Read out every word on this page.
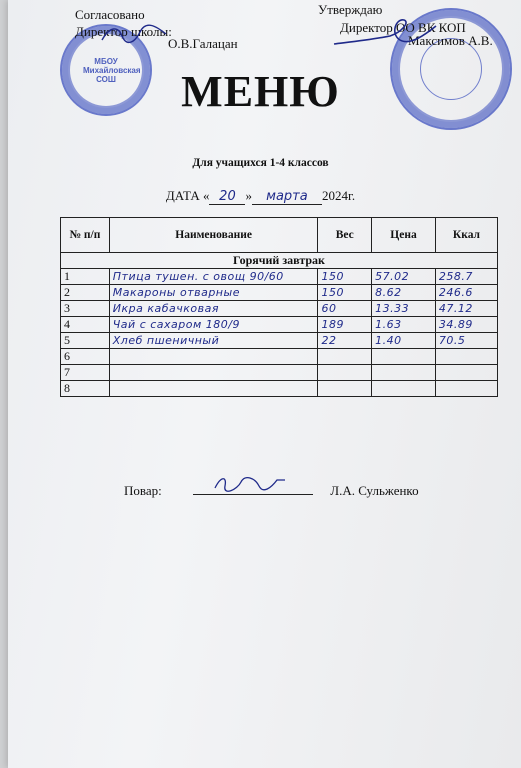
МБОУ Михайловская СОШ
Согласовано
Директор школы:
О.В.Галацан
Утверждаю
Директор ОО ВК КОП
Максимов А.В.
МЕНЮ
Для учащихся 1-4 классов
ДАТА « 20 » марта 2024г.
№ п/п	Наименование	Вес	Цена	Ккал
Горячий завтрак				
1	Птица тушен. с овощ 90/60	150	57.02	258.7
2	Макароны отварные	150	8.62	246.6
3	Икра кабачковая	60	13.33	47.12
4	Чай с сахаром 180/9	189	1.63	34.89
5	Хлеб пшеничный	22	1.40	70.5
6				
7				
8				
Повар:	Л.А. Сульженко
